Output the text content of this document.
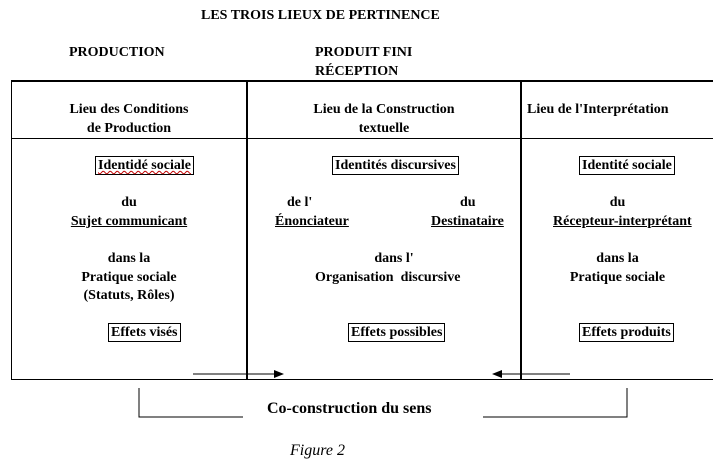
LES TROIS LIEUX DE PERTINENCE
PRODUCTION	PRODUIT FINI
RÉCEPTION
Lieu des Conditions
de Production
Lieu de la Construction
textuelle
Lieu de l'Interprétation
Identidé sociale
du
Sujet communicant
dans la
Pratique sociale
(Statuts, Rôles)
Effets visés
Identités discursives
de l'
Énonciateur
du
Destinataire
dans l'
Organisation  discursive
Effets possibles
Identité sociale
du
Récepteur-interprétant
dans la
Pratique sociale
Effets produits
Co-construction du sens
Figure 2
